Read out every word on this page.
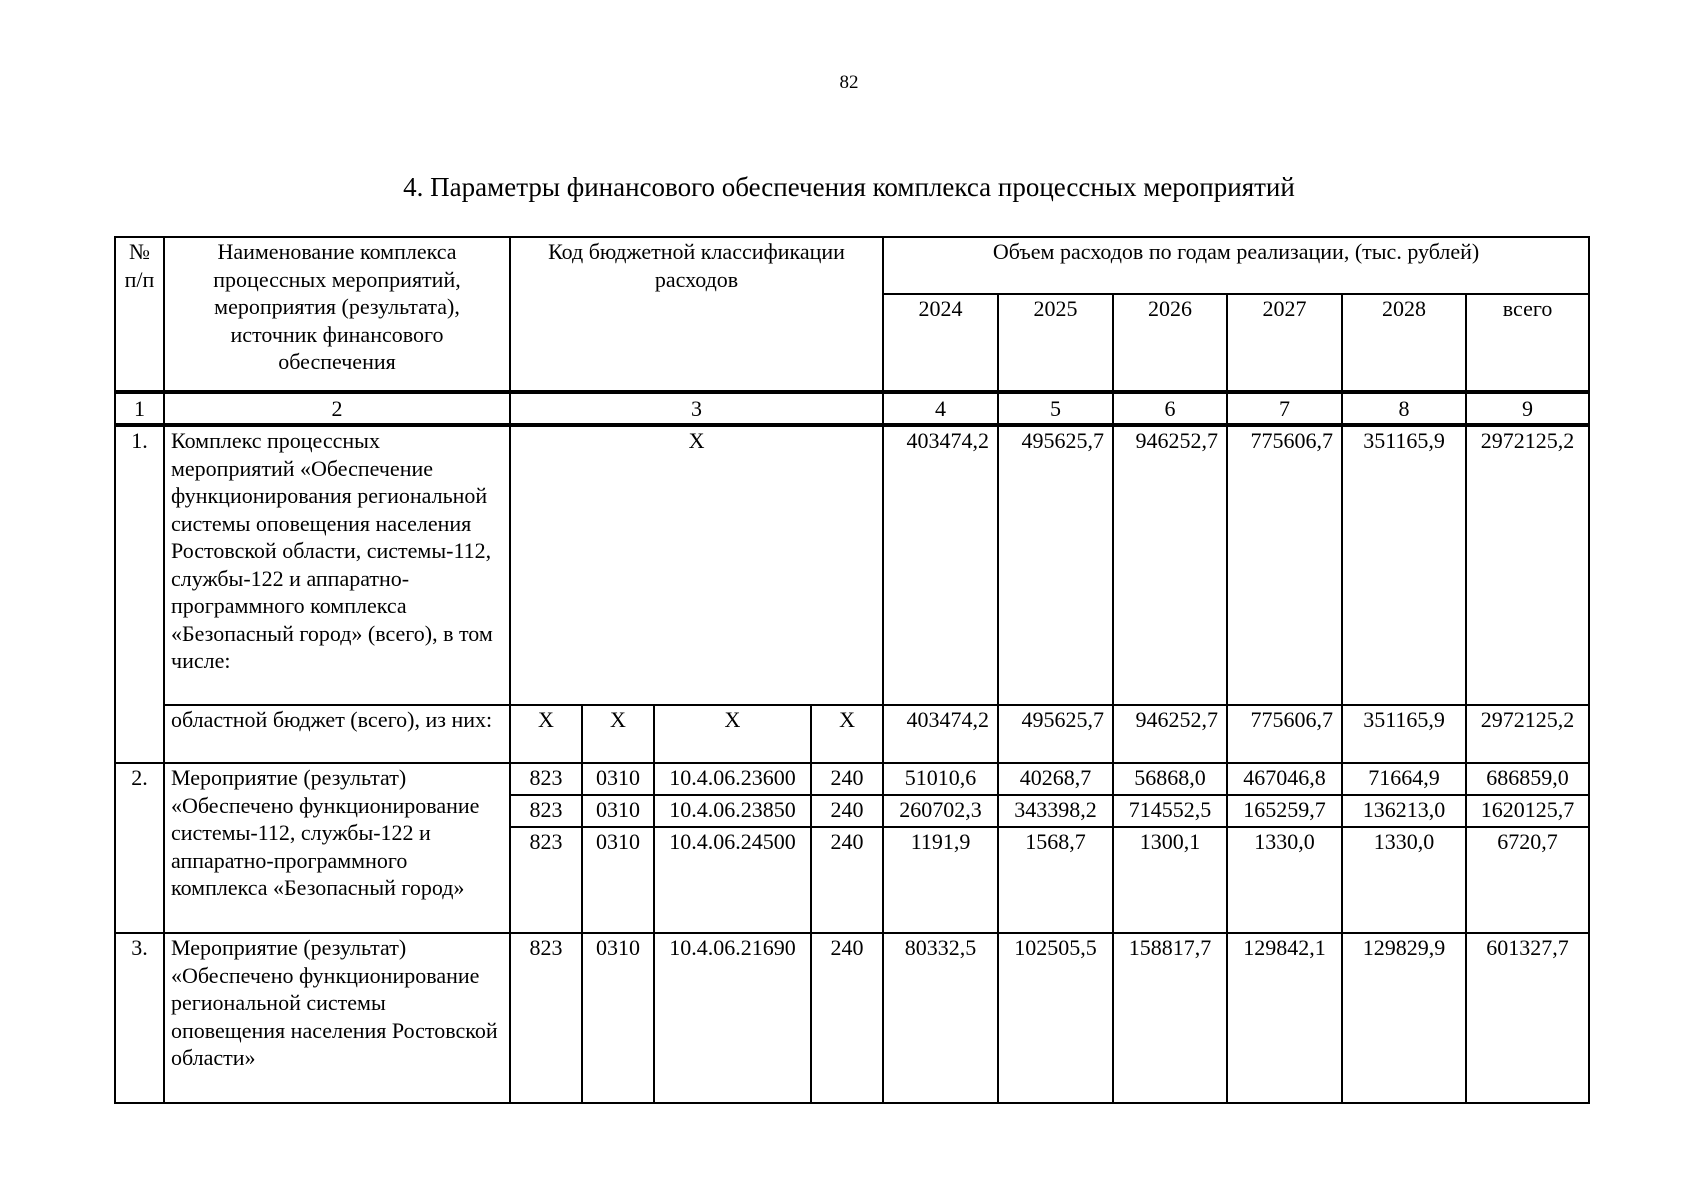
82
4. Параметры финансового обеспечения комплекса процессных мероприятий
№ п/п	Наименование комплекса процессных мероприятий, мероприятия (результата), источник финансового обеспечения	Код бюджетной классификации расходов				Объем расходов по годам реализации, (тыс. рублей)					
						2024	2025	2026	2027	2028	всего
1	2	3				4	5	6	7	8	9
1.	Комплекс процессных мероприятий «Обеспечение функционирования региональной системы оповещения населения Ростовской области, системы-112, службы-122 и аппаратно-программного комплекса «Безопасный город» (всего), в том числе:	X				403474,2	495625,7	946252,7	775606,7	351165,9	2972125,2
	областной бюджет (всего), из них:	X	X	X	X	403474,2	495625,7	946252,7	775606,7	351165,9	2972125,2
2.	Мероприятие (результат) «Обеспечено функционирование системы-112, службы-122 и аппаратно-программного комплекса «Безопасный город»	823	0310	10.4.06.23600	240	51010,6	40268,7	56868,0	467046,8	71664,9	686859,0
		823	0310	10.4.06.23850	240	260702,3	343398,2	714552,5	165259,7	136213,0	1620125,7
		823	0310	10.4.06.24500	240	1191,9	1568,7	1300,1	1330,0	1330,0	6720,7
3.	Мероприятие (результат) «Обеспечено функционирование региональной системы оповещения населения Ростовской области»	823	0310	10.4.06.21690	240	80332,5	102505,5	158817,7	129842,1	129829,9	601327,7
